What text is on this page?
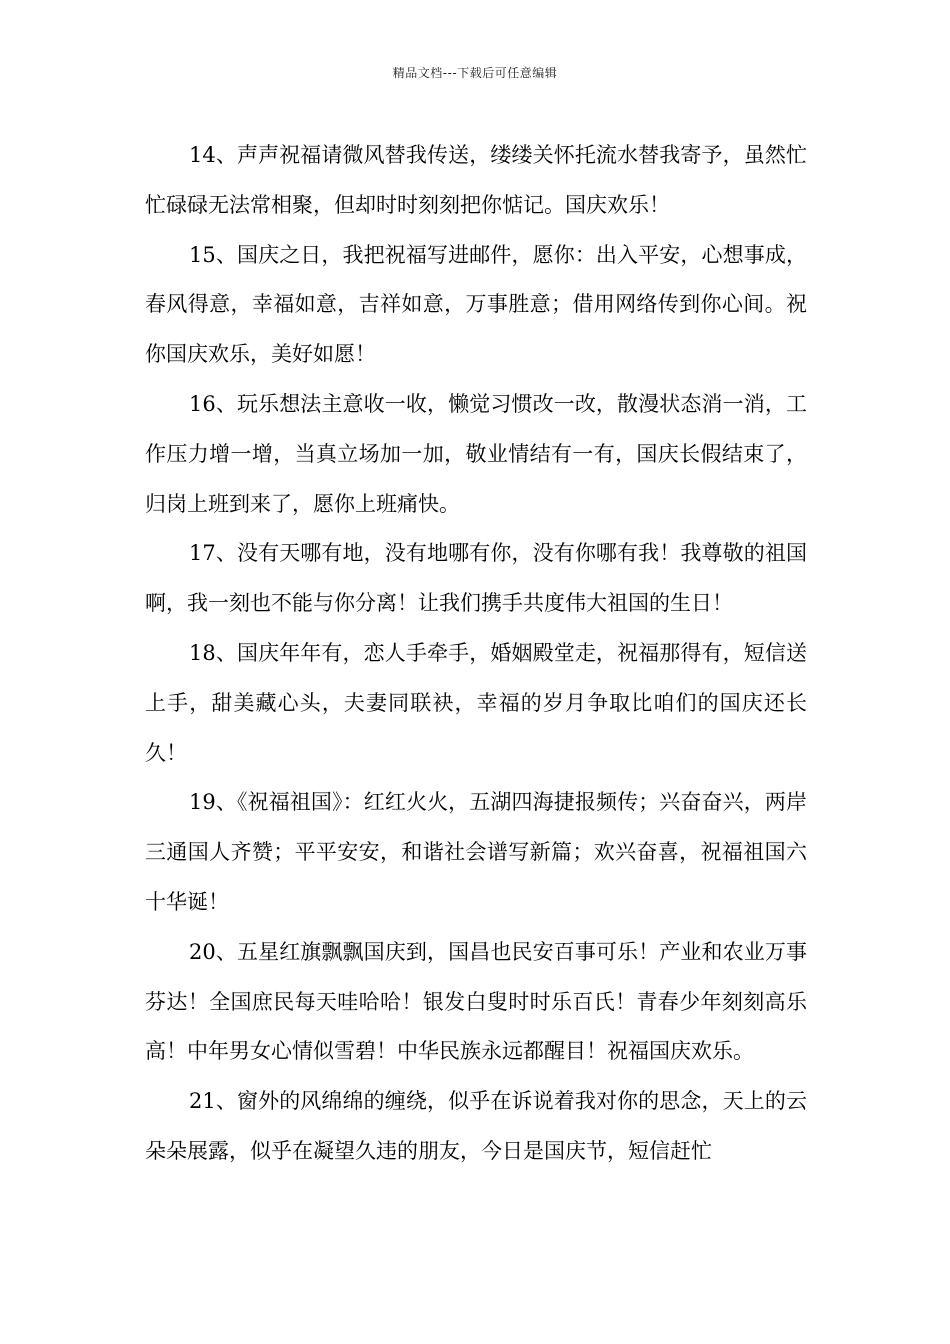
精品文档---下载后可任意编辑

14、声声祝福请微风替我传送，缕缕关怀托流水替我寄予，虽然忙忙碌碌无法常相聚，但却时时刻刻把你惦记。国庆欢乐！

15、国庆之日，我把祝福写进邮件，愿你：出入平安，心想事成，春风得意，幸福如意，吉祥如意，万事胜意；借用网络传到你心间。祝你国庆欢乐，美好如愿！

16、玩乐想法主意收一收，懒觉习惯改一改，散漫状态消一消，工作压力增一增，当真立场加一加，敬业情结有一有，国庆长假结束了，归岗上班到来了，愿你上班痛快。

17、没有天哪有地，没有地哪有你，没有你哪有我！我尊敬的祖国啊，我一刻也不能与你分离！让我们携手共度伟大祖国的生日！

18、国庆年年有，恋人手牵手，婚姻殿堂走，祝福那得有，短信送上手，甜美藏心头，夫妻同联袂，幸福的岁月争取比咱们的国庆还长久！

19、《祝福祖国》：红红火火，五湖四海捷报频传；兴奋奋兴，两岸三通国人齐赞；平平安安，和谐社会谱写新篇；欢兴奋喜，祝福祖国六十华诞！

20、五星红旗飘飘国庆到，国昌也民安百事可乐！产业和农业万事芬达！全国庶民每天哇哈哈！银发白叟时时乐百氏！青春少年刻刻高乐高！中年男女心情似雪碧！中华民族永远都醒目！祝福国庆欢乐。

21、窗外的风绵绵的缠绕，似乎在诉说着我对你的思念，天上的云朵朵展露，似乎在凝望久违的朋友，今日是国庆节，短信赶忙
